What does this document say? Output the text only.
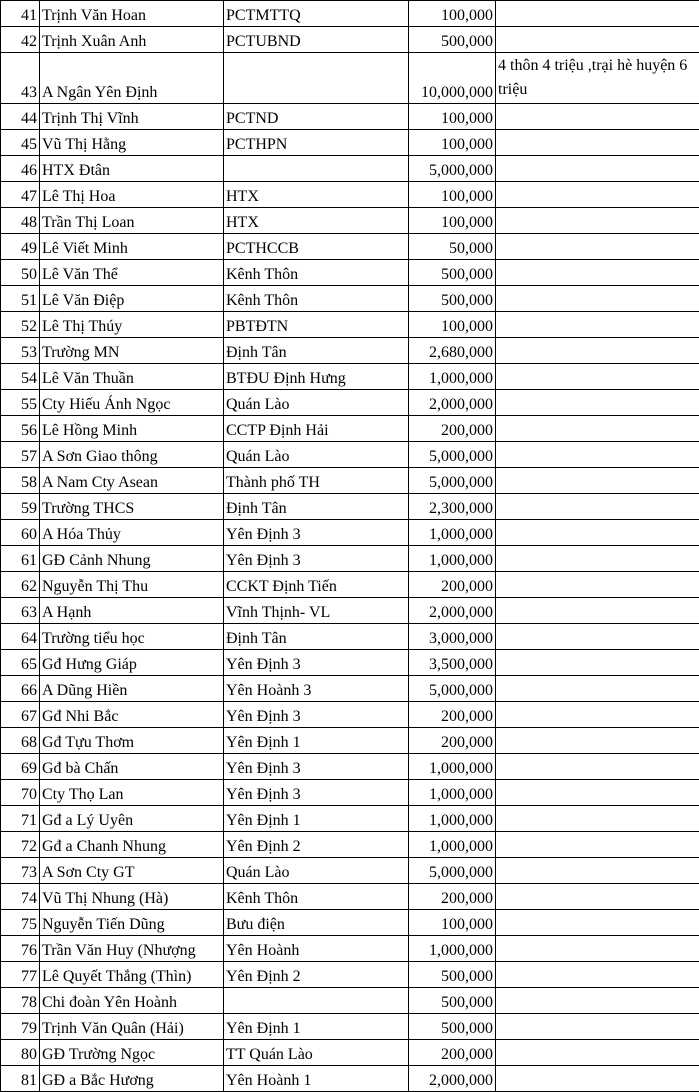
41	Trịnh Văn Hoan	PCTMTTQ	100,000	
42	Trịnh Xuân Anh	PCTUBND	500,000	
43	A Ngân Yên Định		10,000,000	4 thôn 4 triệu ,trại hè huyện 6 triệu
44	Trịnh Thị Vĩnh	PCTND	100,000	
45	Vũ Thị Hằng	PCTHPN	100,000	
46	HTX Đtân		5,000,000	
47	Lê Thị Hoa	HTX	100,000	
48	Trần Thị Loan	HTX	100,000	
49	Lê Viết Minh	PCTHCCB	50,000	
50	Lê Văn Thể	Kênh Thôn	500,000	
51	Lê Văn Điệp	Kênh Thôn	500,000	
52	Lê Thị Thúy	PBTĐTN	100,000	
53	Trường MN	Định Tân	2,680,000	
54	Lê Văn Thuần	BTĐU Định Hưng	1,000,000	
55	Cty Hiếu Ánh Ngọc	Quán Lào	2,000,000	
56	Lê Hồng Minh	CCTP Định Hải	200,000	
57	A Sơn Giao thông	Quán Lào	5,000,000	
58	A Nam Cty Asean	Thành phố TH	5,000,000	
59	Trường THCS	Định Tân	2,300,000	
60	A Hóa Thủy	Yên Định 3	1,000,000	
61	GĐ Cảnh Nhung	Yên Định 3	1,000,000	
62	Nguyễn Thị Thu	CCKT Định Tiến	200,000	
63	A Hạnh	Vĩnh Thịnh- VL	2,000,000	
64	Trường tiểu học	Định Tân	3,000,000	
65	Gđ Hưng Giáp	Yên Định 3	3,500,000	
66	A Dũng Hiền	Yên Hoành 3	5,000,000	
67	Gđ Nhi Bắc	Yên Định 3	200,000	
68	Gđ Tựu Thơm	Yên Định 1	200,000	
69	Gđ bà Chấn	Yên Định 3	1,000,000	
70	Cty Thọ Lan	Yên Định 3	1,000,000	
71	Gđ a Lý Uyên	Yên Định 1	1,000,000	
72	Gđ a Chanh Nhung	Yên Định 2	1,000,000	
73	A Sơn Cty GT	Quán Lào	5,000,000	
74	Vũ Thị Nhung (Hà)	Kênh Thôn	200,000	
75	Nguyễn Tiến Dũng	Bưu điện	100,000	
76	Trần Văn Huy (Nhượng	Yên Hoành	1,000,000	
77	Lê Quyết Thắng (Thìn)	Yên Định 2	500,000	
78	Chi đoàn Yên Hoành		500,000	
79	Trịnh Văn Quân (Hải)	Yên Định 1	500,000	
80	GĐ Trường Ngọc	TT Quán Lào	200,000	
81	GĐ a Bắc Hương	Yên Hoành 1	2,000,000	
